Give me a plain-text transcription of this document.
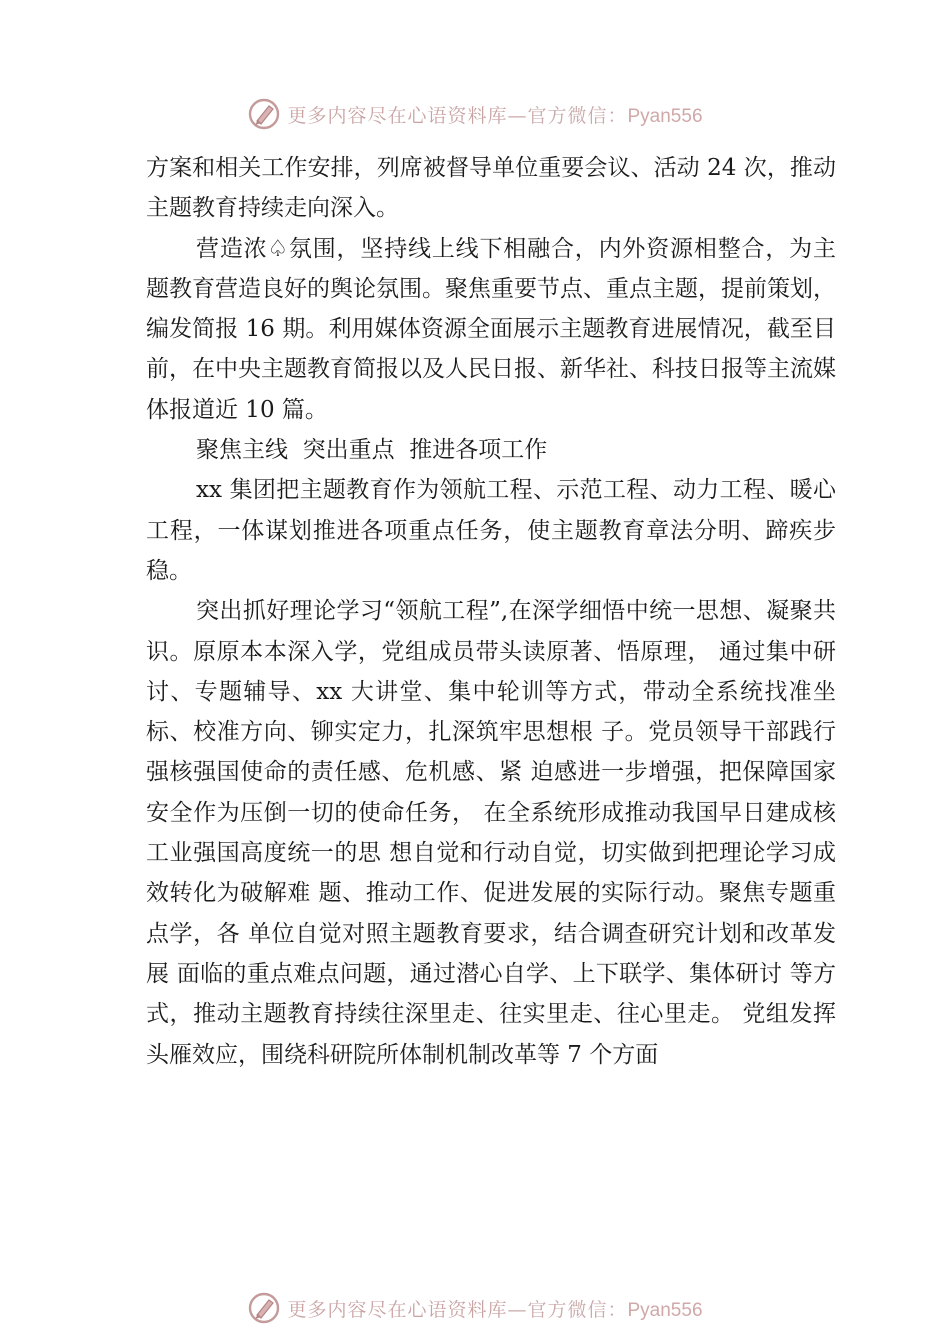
更多内容尽在心语资料库—官方微信：Pyan556

方案和相关工作安排，列席被督导单位重要会议、活动 24 次，推动主题教育持续走向深入。

营造浓♤氛围，坚持线上线下相融合，内外资源相整合，为主题教育营造良好的舆论氛围。聚焦重要节点、重点主题，提前策划，编发简报 16 期。利用媒体资源全面展示主题教育进展情况，截至目前，在中央主题教育简报以及人民日报、新华社、科技日报等主流媒体报道近 10 篇。

聚焦主线  突出重点  推进各项工作

xx 集团把主题教育作为领航工程、示范工程、动力工程、暖心工程，一体谋划推进各项重点任务，使主题教育章法分明、蹄疾步稳。

突出抓好理论学习“领航工程”,在深学细悟中统一思想、凝聚共识。原原本本深入学，党组成员带头读原著、悟原理， 通过集中研讨、专题辅导、xx 大讲堂、集中轮训等方式，带动全系统找准坐标、校准方向、铆实定力，扎深筑牢思想根 子。党员领导干部践行强核强国使命的责任感、危机感、紧 迫感进一步增强，把保障国家安全作为压倒一切的使命任务， 在全系统形成推动我国早日建成核工业强国高度统一的思 想自觉和行动自觉，切实做到把理论学习成效转化为破解难 题、推动工作、促进发展的实际行动。聚焦专题重点学，各 单位自觉对照主题教育要求，结合调查研究计划和改革发展 面临的重点难点问题，通过潜心自学、上下联学、集体研讨 等方式，推动主题教育持续往深里走、往实里走、往心里走。 党组发挥头雁效应，围绕科研院所体制机制改革等 7 个方面

更多内容尽在心语资料库—官方微信：Pyan556
